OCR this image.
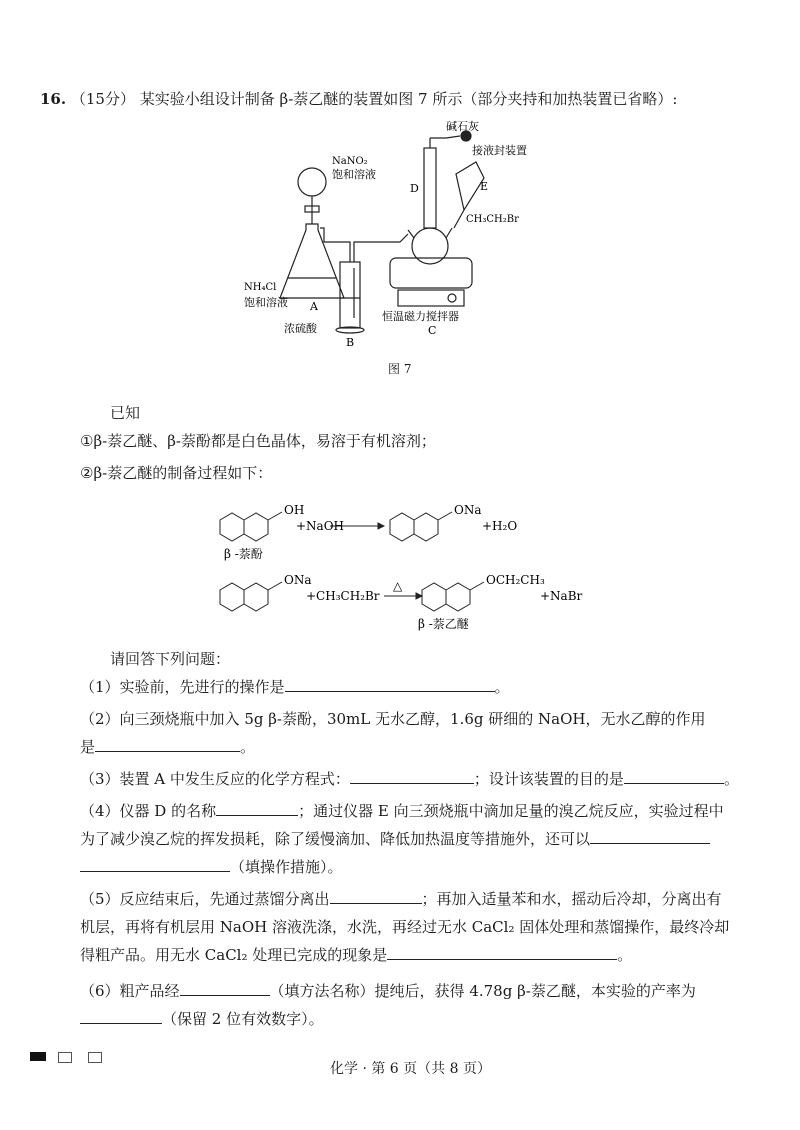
16. （15分） 某实验小组设计制备 β-萘乙醚的装置如图 7 所示（部分夹持和加热装置已省略）:
碱石灰
接液封装置
NaNO₂
饱和溶液
D	E
CH₃CH₂Br
NH₄Cl
饱和溶液 A
浓硫酸
B
恒温磁力搅拌器
C
图 7
已知
①β-萘乙醚、β-萘酚都是白色晶体，易溶于有机溶剂；
②β-萘乙醚的制备过程如下：
OH
+NaOH
ONa
+H₂O
β -萘酚
ONa
+CH₃CH₂Br
△	OCH₂CH₃
+NaBr
β -萘乙醚
请回答下列问题：
（1）实验前，先进行的操作是	。
（2）向三颈烧瓶中加入 5g β-萘酚，30mL 无水乙醇，1.6g 研细的 NaOH，无水乙醇的作用
是	。
（3）装置 A 中发生反应的化学方程式：	；设计该装置的目的是	。
（4）仪器 D 的名称	；通过仪器 E 向三颈烧瓶中滴加足量的溴乙烷反应，实验过程中
为了减少溴乙烷的挥发损耗，除了缓慢滴加、降低加热温度等措施外，还可以
（填操作措施）。
（5）反应结束后，先通过蒸馏分离出	；再加入适量苯和水，摇动后冷却，分离出有
机层，再将有机层用 NaOH 溶液洗涤，水洗，再经过无水 CaCl₂ 固体处理和蒸馏操作，最终冷却
得粗产品。用无水 CaCl₂ 处理已完成的现象是	。
（6）粗产品经	（填方法名称）提纯后，获得 4.78g β-萘乙醚，本实验的产率为
（保留 2 位有效数字）。
化学 · 第 6 页（共 8 页）
